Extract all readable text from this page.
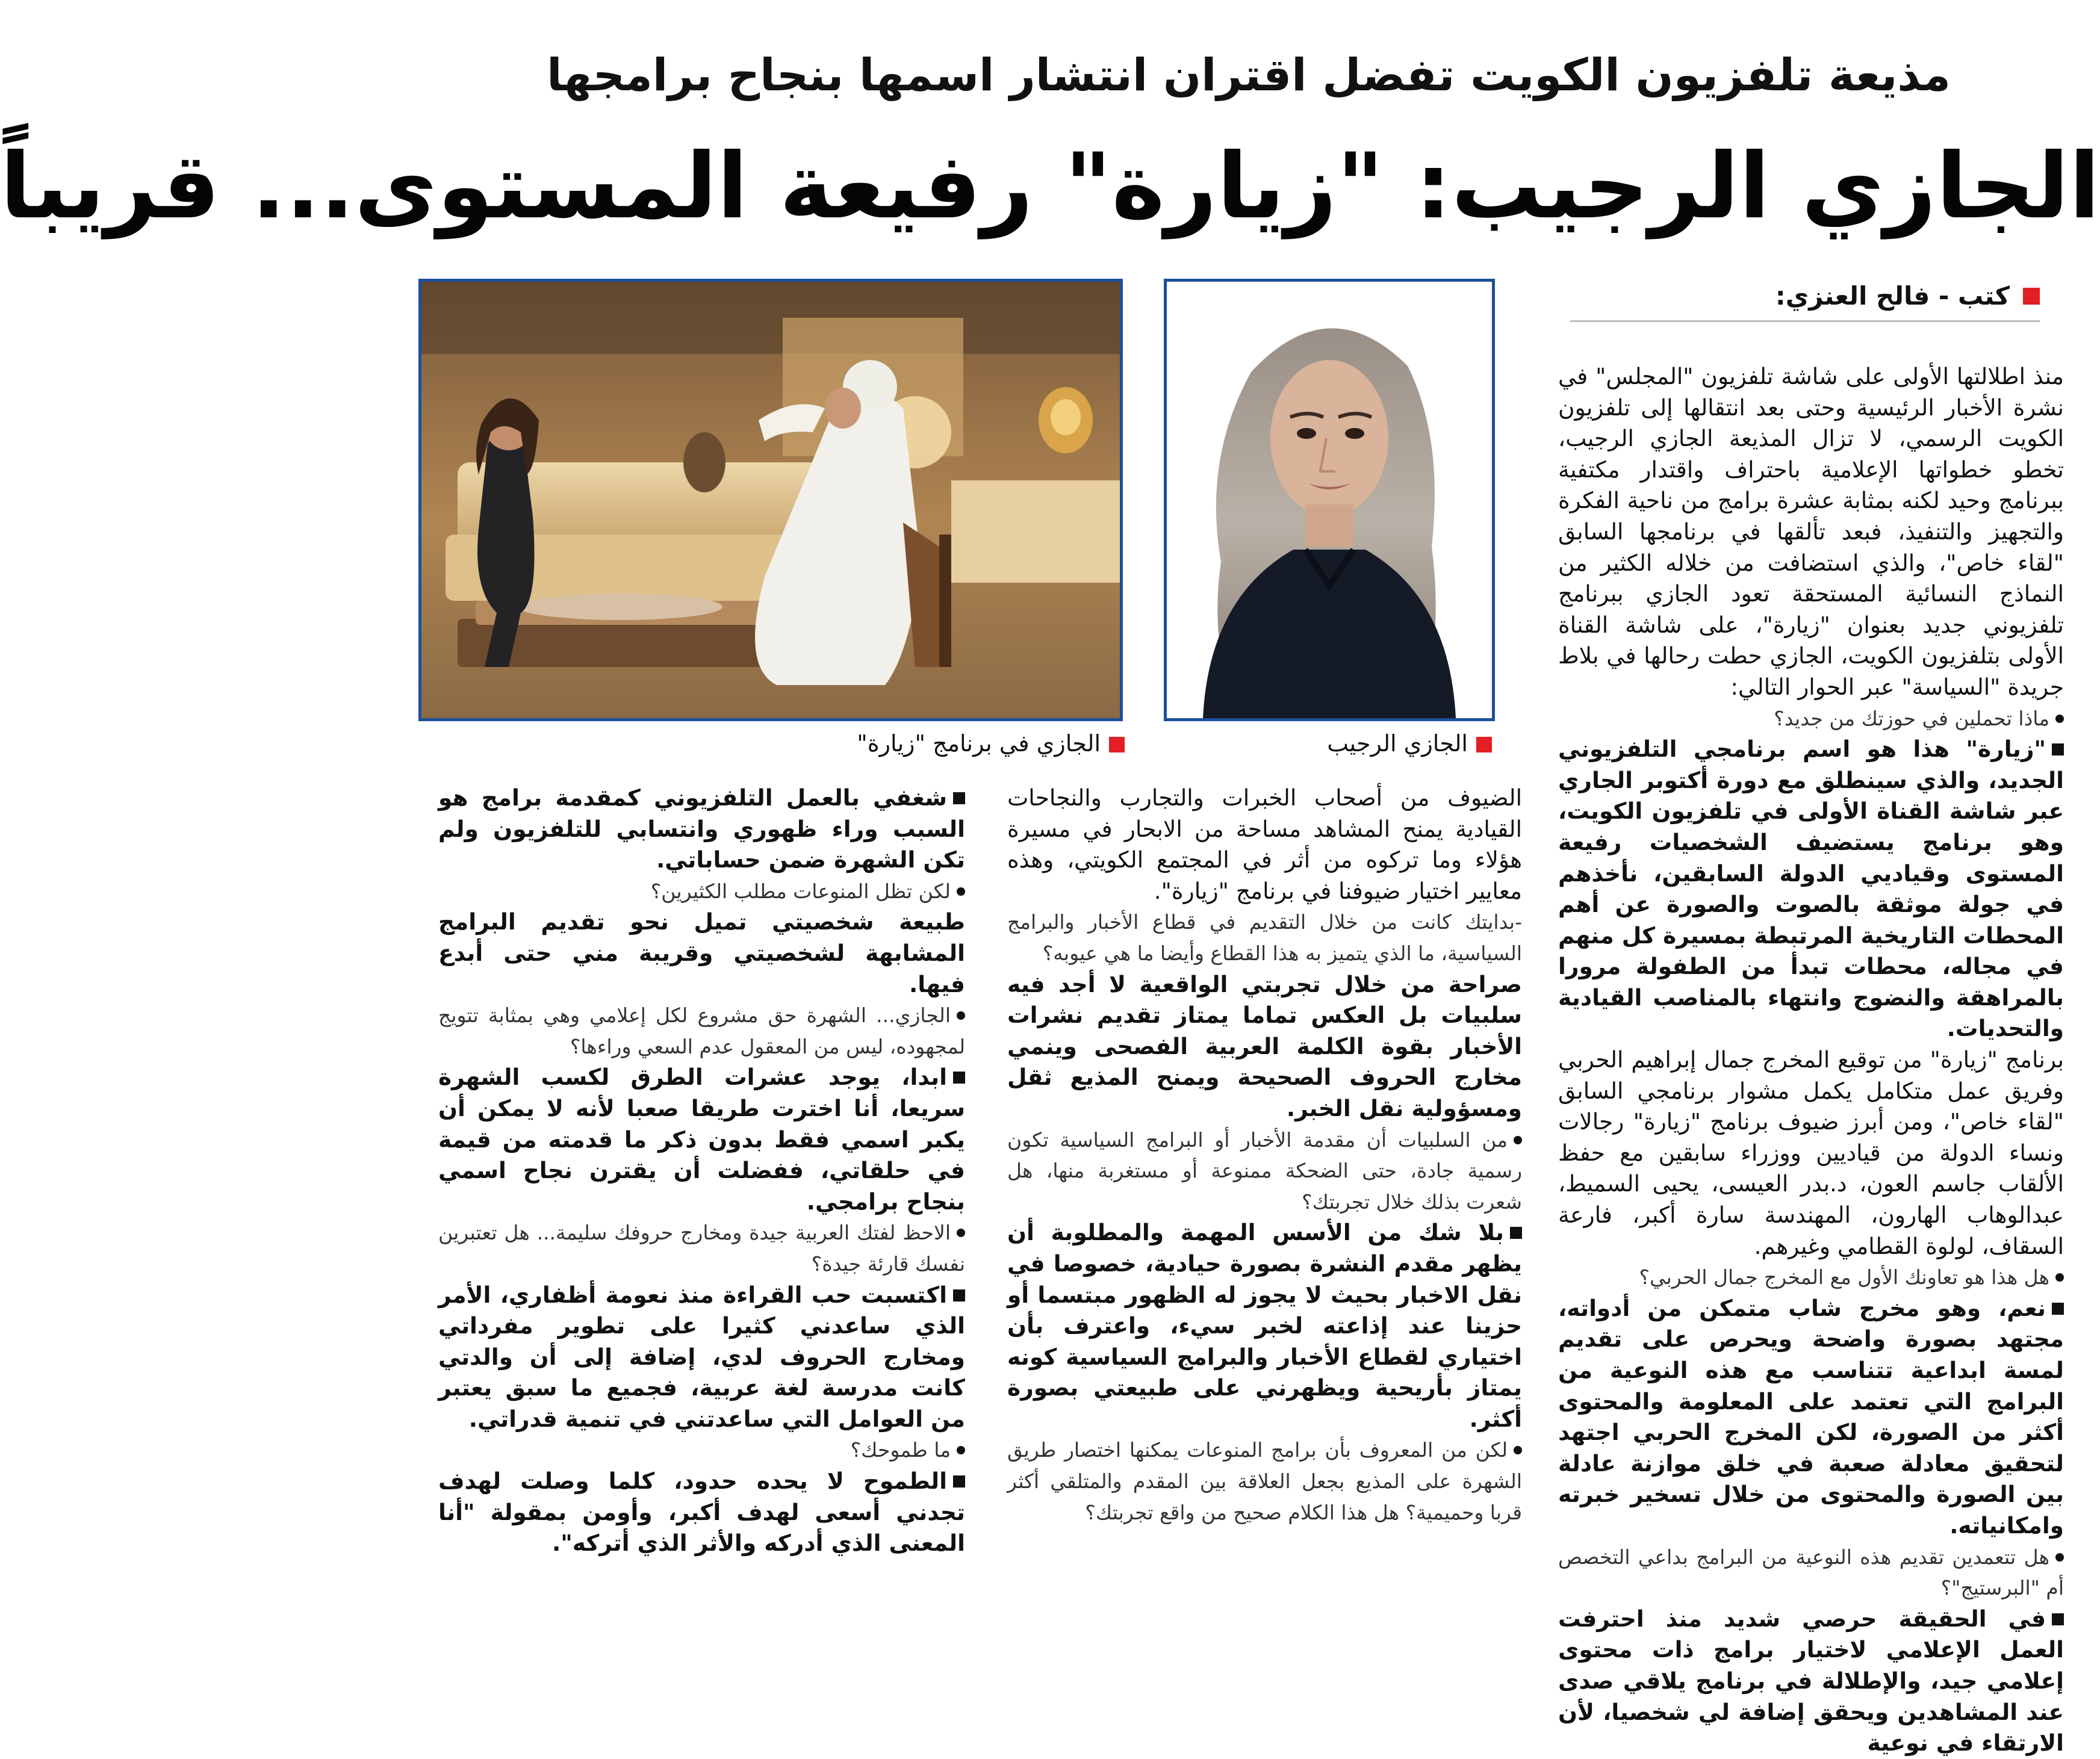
مذيعة تلفزيون الكويت تفضل اقتران انتشار اسمها بنجاح برامجها
الجازي الرجيب: "زيارة" رفيعة المستوى... قريباً
كتب - فالح العنزي:
الجازي الرجيب
الجازي في برنامج "زيارة"

منذ اطلالتها الأولى على شاشة تلفزيون "المجلس" في نشرة الأخبار الرئيسية وحتى بعد انتقالها إلى تلفزيون الكويت الرسمي، لا تزال المذيعة الجازي الرجيب، تخطو خطواتها الإعلامية باحتراف واقتدار مكتفية ببرنامج وحيد لكنه بمثابة عشرة برامج من ناحية الفكرة والتجهيز والتنفيذ، فبعد تألقها في برنامجها السابق "لقاء خاص"، والذي استضافت من خلاله الكثير من النماذج النسائية المستحقة تعود الجازي ببرنامج تلفزيوني جديد بعنوان "زيارة"، على شاشة القناة الأولى بتلفزيون الكويت، الجازي حطت رحالها في بلاط جريدة "السياسة" عبر الحوار التالي:

ماذا تحملين في حوزتك من جديد؟

"زيارة" هذا هو اسم برنامجي التلفزيوني الجديد، والذي سينطلق مع دورة أكتوبر الجاري عبر شاشة القناة الأولى في تلفزيون الكويت، وهو برنامج يستضيف الشخصيات رفيعة المستوى وقياديي الدولة السابقين، نأخذهم في جولة موثقة بالصوت والصورة عن أهم المحطات التاريخية المرتبطة بمسيرة كل منهم في مجاله، محطات تبدأ من الطفولة مرورا بالمراهقة والنضوج وانتهاء بالمناصب القيادية والتحديات.

برنامج "زيارة" من توقيع المخرج جمال إبراهيم الحربي وفريق عمل متكامل يكمل مشوار برنامجي السابق "لقاء خاص"، ومن أبرز ضيوف برنامج "زيارة" رجالات ونساء الدولة من قياديين ووزراء سابقين مع حفظ الألقاب جاسم العون، د.بدر العيسى، يحيى السميط، عبدالوهاب الهارون، المهندسة سارة أكبر، فارعة السقاف، لولوة القطامي وغيرهم.

هل هذا هو تعاونك الأول مع المخرج جمال الحربي؟

نعم، وهو مخرج شاب متمكن من أدواته، مجتهد بصورة واضحة ويحرص على تقديم لمسة ابداعية تتناسب مع هذه النوعية من البرامج التي تعتمد على المعلومة والمحتوى أكثر من الصورة، لكن المخرج الحربي اجتهد لتحقيق معادلة صعبة في خلق موازنة عادلة بين الصورة والمحتوى من خلال تسخير خبرته وامكانياته.

هل تتعمدين تقديم هذه النوعية من البرامج بداعي التخصص أم "البرستيج"؟

في الحقيقة حرصي شديد منذ احترفت العمل الإعلامي لاختيار برامج ذات محتوى إعلامي جيد، والإطلالة في برنامج يلاقي صدى عند المشاهدين ويحقق إضافة لي شخصيا، لأن الارتقاء في نوعية

الضيوف من أصحاب الخبرات والتجارب والنجاحات القيادية يمنح المشاهد مساحة من الابحار في مسيرة هؤلاء وما تركوه من أثر في المجتمع الكويتي، وهذه معايير اختيار ضيوفنا في برنامج "زيارة".

-بدايتك كانت من خلال التقديم في قطاع الأخبار والبرامج السياسية، ما الذي يتميز به هذا القطاع وأيضا ما هي عيوبه؟

صراحة من خلال تجربتي الواقعية لا أجد فيه سلبيات بل العكس تماما يمتاز تقديم نشرات الأخبار بقوة الكلمة العربية الفصحى وينمي مخارج الحروف الصحيحة ويمنح المذيع ثقل ومسؤولية نقل الخبر.

من السلبيات أن مقدمة الأخبار أو البرامج السياسية تكون رسمية جادة، حتى الضحكة ممنوعة أو مستغربة منها، هل شعرت بذلك خلال تجربتك؟

بلا شك من الأسس المهمة والمطلوبة أن يظهر مقدم النشرة بصورة حيادية، خصوصا في نقل الاخبار بحيث لا يجوز له الظهور مبتسما أو حزينا عند إذاعته لخبر سيء، واعترف بأن اختياري لقطاع الأخبار والبرامج السياسية كونه يمتاز بأريحية ويظهرني على طبيعتي بصورة أكثر.

لكن من المعروف بأن برامج المنوعات يمكنها اختصار طريق الشهرة على المذيع بجعل العلاقة بين المقدم والمتلقي أكثر قربا وحميمية؟ هل هذا الكلام صحيح من واقع تجربتك؟

شغفي بالعمل التلفزيوني كمقدمة برامج هو السبب وراء ظهوري وانتسابي للتلفزيون ولم تكن الشهرة ضمن حساباتي.

لكن تظل المنوعات مطلب الكثيرين؟

طبيعة شخصيتي تميل نحو تقديم البرامج المشابهة لشخصيتي وقريبة مني حتى أبدع فيها.

الجازي... الشهرة حق مشروع لكل إعلامي وهي بمثابة تتويج لمجهوده، ليس من المعقول عدم السعي وراءها؟

ابدا، يوجد عشرات الطرق لكسب الشهرة سريعا، أنا اخترت طريقا صعبا لأنه لا يمكن أن يكبر اسمي فقط بدون ذكر ما قدمته من قيمة في حلقاتي، ففضلت أن يقترن نجاح اسمي بنجاح برامجي.

الاحظ لفتك العربية جيدة ومخارج حروفك سليمة... هل تعتبرين نفسك قارئة جيدة؟

اكتسبت حب القراءة منذ نعومة أظفاري، الأمر الذي ساعدني كثيرا على تطوير مفرداتي ومخارج الحروف لدي، إضافة إلى أن والدتي كانت مدرسة لغة عربية، فجميع ما سبق يعتبر من العوامل التي ساعدتني في تنمية قدراتي.

ما طموحك؟

الطموح لا يحده حدود، كلما وصلت لهدف تجدني أسعى لهدف أكبر، وأومن بمقولة "أنا المعنى الذي أدركه والأثر الذي أتركه".
